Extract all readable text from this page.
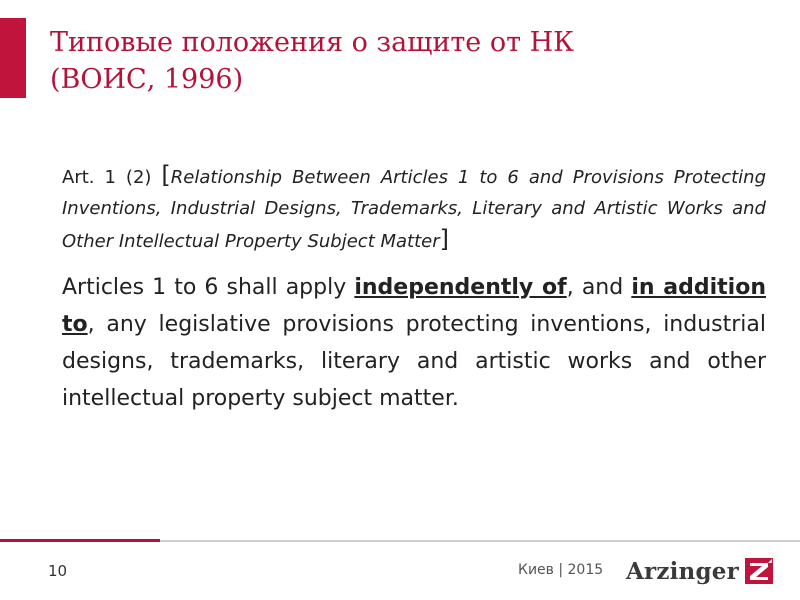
Типовые положения о защите от НК
(ВОИС, 1996)

Art. 1 (2) [Relationship Between Articles 1 to 6 and Provisions Protecting Inventions, Industrial Designs, Trademarks, Literary and Artistic Works and Other Intellectual Property Subject Matter]

Articles 1 to 6 shall apply independently of, and in addition to, any legislative provisions protecting inventions, industrial designs, trademarks, literary and artistic works and other intellectual property subject matter.

10	Киев | 2015 Arzinger
